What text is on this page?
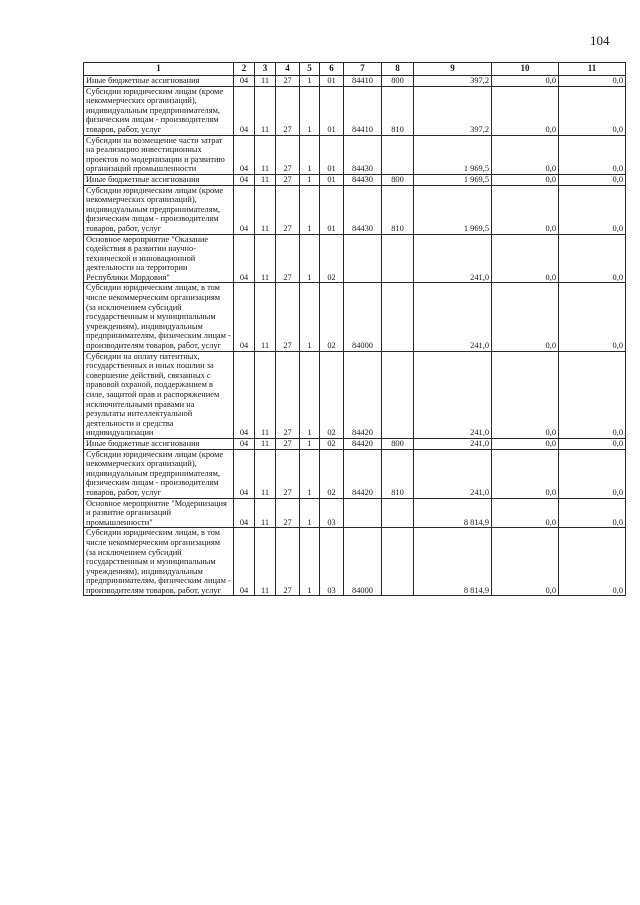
104
1	2	3	4	5	6	7	8	9	10	11
Иные бюджетные ассигнования	04	11	27	1	01	84410	800	397,2	0,0	0,0
Субсидии юридическим лицам (кроме некоммерческих организаций), индивидуальным предпринимателям, физическим лицам - производителям товаров, работ, услуг	04	11	27	1	01	84410	810	397,2	0,0	0,0
Субсидии на возмещение части затрат на реализацию инвестиционных проектов по модернизации и развитию организаций промышленности	04	11	27	1	01	84430		1 969,5	0,0	0,0
Иные бюджетные ассигнования	04	11	27	1	01	84430	800	1 969,5	0,0	0,0
Субсидии юридическим лицам (кроме некоммерческих организаций), индивидуальным предпринимателям, физическим лицам - производителям товаров, работ, услуг	04	11	27	1	01	84430	810	1 969,5	0,0	0,0
Основное мероприятие "Оказание содействия в развитии научно-технической и инновационной деятельности на территории Республики Мордовия"	04	11	27	1	02			241,0	0,0	0,0
Субсидии юридическим лицам, в том числе некоммерческим организациям (за исключением субсидий государственным и муниципальным учреждениям), индивидуальным предпринимателям, физическим лицам - производителям товаров, работ, услуг	04	11	27	1	02	84000		241,0	0,0	0,0
Субсидии на оплату патентных, государственных и иных пошлин за совершение действий, связанных с правовой охраной, поддержанием в силе, защитой прав и распоряжением исключительными правами на результаты интеллектуальной деятельности и средства индивидуализации	04	11	27	1	02	84420		241,0	0,0	0,0
Иные бюджетные ассигнования	04	11	27	1	02	84420	800	241,0	0,0	0,0
Субсидии юридическим лицам (кроме некоммерческих организаций), индивидуальным предпринимателям, физическим лицам - производителям товаров, работ, услуг	04	11	27	1	02	84420	810	241,0	0,0	0,0
Основное мероприятие "Модернизация и развитие организаций промышленности"	04	11	27	1	03			8 814,9	0,0	0,0
Субсидии юридическим лицам, в том числе некоммерческим организациям (за исключением субсидий государственным и муниципальным учреждениям), индивидуальным предпринимателям, физическим лицам - производителям товаров, работ, услуг	04	11	27	1	03	84000		8 814,9	0,0	0,0
